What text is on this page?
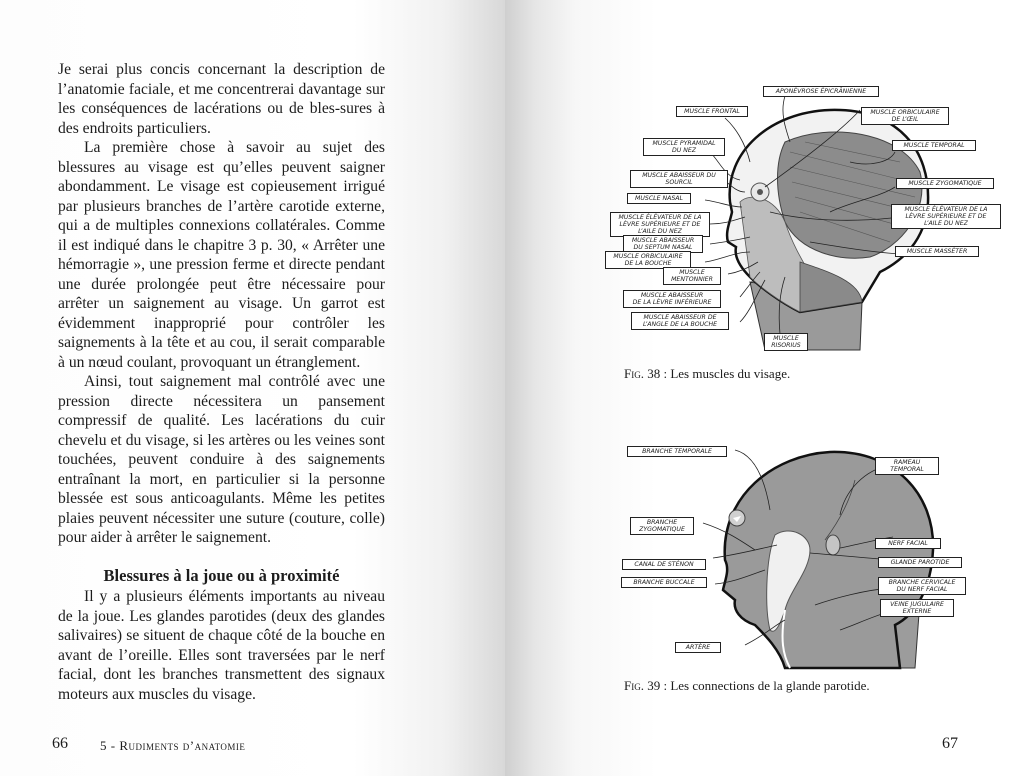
Je serai plus concis concernant la description de l’anatomie faciale, et me concentrerai davantage sur les conséquences de lacérations ou de bles-sures à des endroits particuliers.

La première chose à savoir au sujet des blessures au visage est qu’elles peuvent saigner abondamment. Le visage est copieusement irrigué par plusieurs branches de l’artère carotide externe, qui a de multiples connexions collatérales. Comme il est indiqué dans le chapitre 3 p. 30, « Arrêter une hémorragie », une pression ferme et directe pendant une durée prolongée peut être nécessaire pour arrêter un saignement au visage. Un garrot est évidemment inapproprié pour contrôler les saignements à la tête et au cou, il serait comparable à un nœud coulant, provoquant un étranglement.

Ainsi, tout saignement mal contrôlé avec une pression directe nécessitera un pansement compressif de qualité. Les lacérations du cuir chevelu et du visage, si les artères ou les veines sont touchées, peuvent conduire à des saignements entraînant la mort, en particulier si la personne blessée est sous anticoagulants. Même les petites plaies peuvent nécessiter une suture (couture, colle) pour aider à arrêter le saignement.

Blessures à la joue ou à proximité

Il y a plusieurs éléments importants au niveau de la joue. Les glandes parotides (deux des glandes salivaires) se situent de chaque côté de la bouche en avant de l’oreille. Elles sont traversées par le nerf facial, dont les branches transmettent des signaux moteurs aux muscles du visage.

66 5 - Rudiments d’anatomie
APONÉVROSE ÉPICRÂNIENNE
MUSCLE FRONTAL	MUSCLE ORBICULAIRE
DE L’ŒIL
MUSCLE PYRAMIDAL
DU NEZ
MUSCLE TEMPORAL
MUSCLE ABAISSEUR DU
SOURCIL	MUSCLE ZYGOMATIQUE
MUSCLE NASAL
MUSCLE ÉLÉVATEUR DE LA
LÈVRE SUPÉRIEURE ET DE
L’AILE DU NEZ
MUSCLE ÉLÉVATEUR DE LA
LÈVRE SUPÉRIEURE ET DE
L’AILE DU NEZ
MUSCLE ABAISSEUR
DU SEPTUM NASAL
MUSCLE ORBICULAIRE
DE LA BOUCHE
MUSCLE MASSÉTER
MUSCLE
MENTONNIER
MUSCLE ABAISSEUR
DE LA LÈVRE INFÉRIEURE
MUSCLE ABAISSEUR DE
L’ANGLE DE LA BOUCHE
MUSCLE
RISORIUS
Fig. 38 : Les muscles du visage.
BRANCHE TEMPORALE
RAMEAU
TEMPORAL
BRANCHE
ZYGOMATIQUE
NERF FACIAL
CANAL DE STÉNON	GLANDE PAROTIDE
BRANCHE BUCCALE	BRANCHE CERVICALE
DU NERF FACIAL
VEINE JUGULAIRE
EXTERNE
ARTÈRE
Fig. 39 : Les connections de la glande parotide.
67
